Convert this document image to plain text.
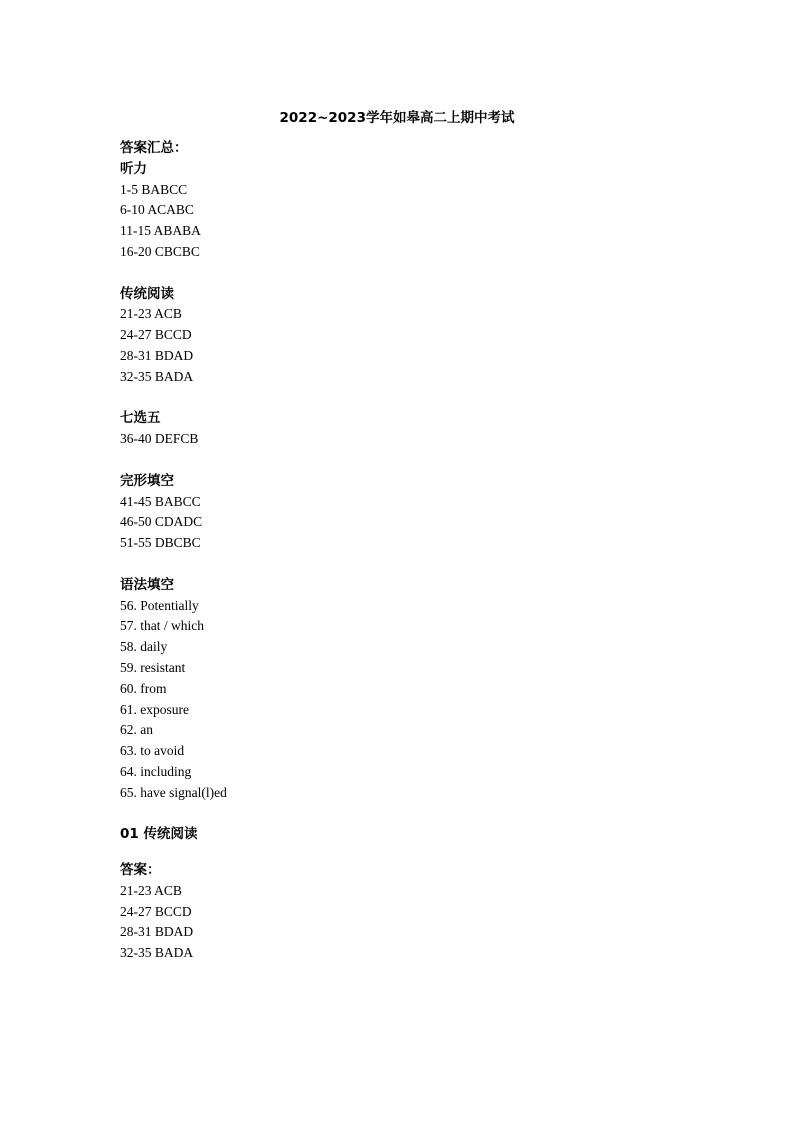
2022~2023学年如皋高二上期中考试
答案汇总：
听力
1-5 BABCC
6-10 ACABC
11-15 ABABA
16-20 CBCBC
传统阅读
21-23 ACB
24-27 BCCD
28-31 BDAD
32-35 BADA
七选五
36-40 DEFCB
完形填空
41-45 BABCC
46-50 CDADC
51-55 DBCBC
语法填空
56. Potentially
57. that / which
58. daily
59. resistant
60. from
61. exposure
62. an
63. to avoid
64. including
65. have signal(l)ed
01 传统阅读
答案：
21-23 ACB
24-27 BCCD
28-31 BDAD
32-35 BADA
